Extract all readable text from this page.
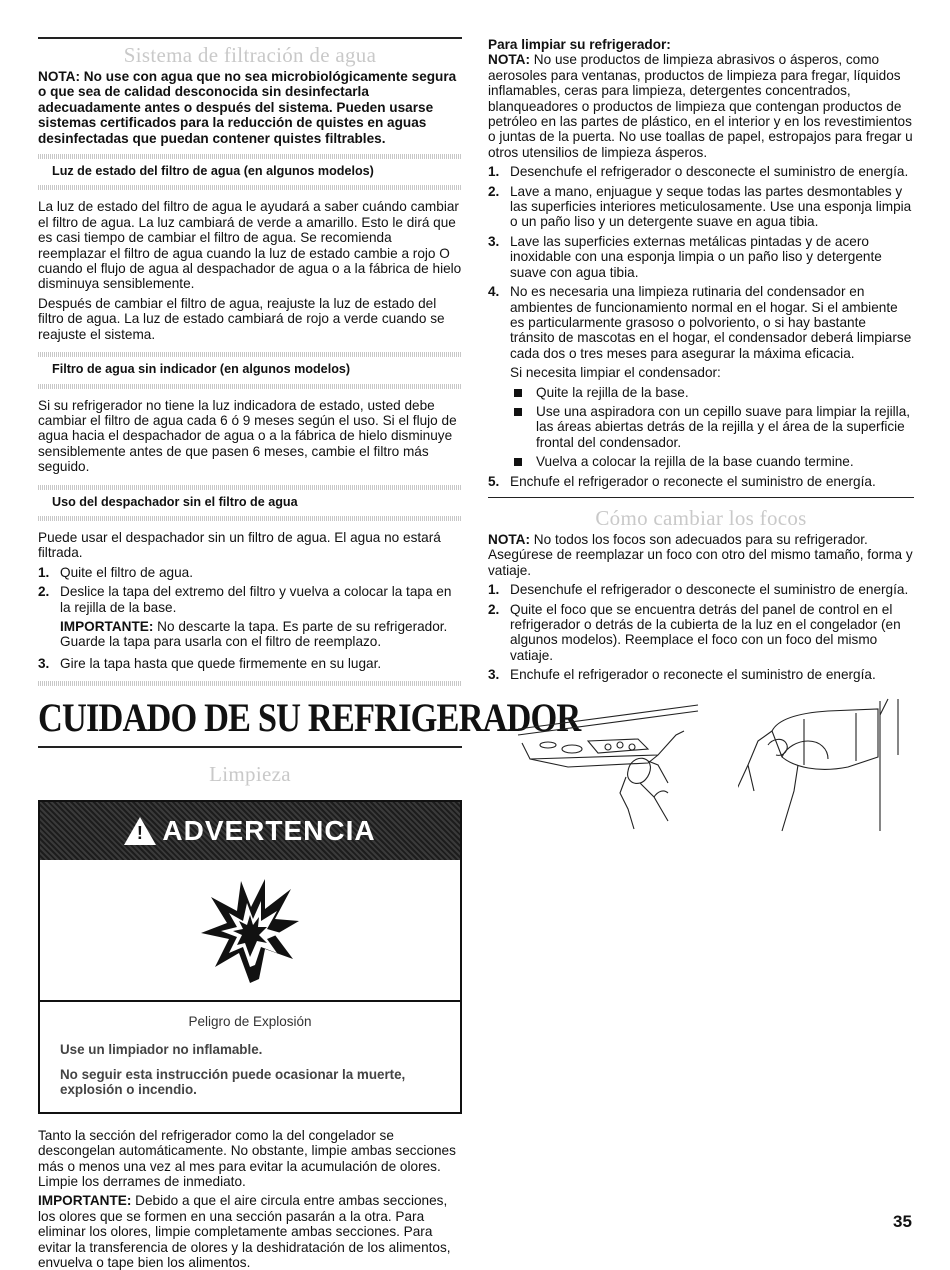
Sistema de filtración de agua

NOTA: No use con agua que no sea microbiológicamente segura o que sea de calidad desconocida sin desinfectarla adecuadamente antes o después del sistema. Pueden usarse sistemas certificados para la reducción de quistes en aguas desinfectadas que puedan contener quistes filtrables.

Luz de estado del filtro de agua (en algunos modelos)

La luz de estado del filtro de agua le ayudará a saber cuándo cambiar el filtro de agua. La luz cambiará de verde a amarillo. Esto le dirá que es casi tiempo de cambiar el filtro de agua. Se recomienda reemplazar el filtro de agua cuando la luz de estado cambie a rojo O cuando el flujo de agua al despachador de agua o a la fábrica de hielo disminuya sensiblemente.

Después de cambiar el filtro de agua, reajuste la luz de estado del filtro de agua. La luz de estado cambiará de rojo a verde cuando se reajuste el sistema.

Filtro de agua sin indicador (en algunos modelos)

Si su refrigerador no tiene la luz indicadora de estado, usted debe cambiar el filtro de agua cada 6 ó 9 meses según el uso. Si el flujo de agua hacia el despachador de agua o a la fábrica de hielo disminuye sensiblemente antes de que pasen 6 meses, cambie el filtro más seguido.

Uso del despachador sin el filtro de agua

Puede usar el despachador sin un filtro de agua. El agua no estará filtrada.

1. Quite el filtro de agua.
2. Deslice la tapa del extremo del filtro y vuelva a colocar la tapa en la rejilla de la base.

IMPORTANTE: No descarte la tapa. Es parte de su refrigerador. Guarde la tapa para usarla con el filtro de reemplazo.

3. Gire la tapa hasta que quede firmemente en su lugar.
CUIDADO DE SU REFRIGERADOR
Limpieza
! ADVERTENCIA

Peligro de Explosión

Use un limpiador no inflamable.

No seguir esta instrucción puede ocasionar la muerte, explosión o incendio.

Tanto la sección del refrigerador como la del congelador se descongelan automáticamente. No obstante, limpie ambas secciones más o menos una vez al mes para evitar la acumulación de olores. Limpie los derrames de inmediato.

IMPORTANTE: Debido a que el aire circula entre ambas secciones, los olores que se formen en una sección pasarán a la otra. Para eliminar los olores, limpie completamente ambas secciones. Para evitar la transferencia de olores y la deshidratación de los alimentos, envuelva o tape bien los alimentos.

Para limpiar su refrigerador:

NOTA: No use productos de limpieza abrasivos o ásperos, como aerosoles para ventanas, productos de limpieza para fregar, líquidos inflamables, ceras para limpieza, detergentes concentrados, blanqueadores o productos de limpieza que contengan productos de petróleo en las partes de plástico, en el interior y en los revestimientos o juntas de la puerta. No use toallas de papel, estropajos para fregar u otros utensilios de limpieza ásperos.

1. Desenchufe el refrigerador o desconecte el suministro de energía.
2. Lave a mano, enjuague y seque todas las partes desmontables y las superficies interiores meticulosamente. Use una esponja limpia o un paño liso y un detergente suave en agua tibia.
3. Lave las superficies externas metálicas pintadas y de acero inoxidable con una esponja limpia o un paño liso y detergente suave con agua tibia.
4. No es necesaria una limpieza rutinaria del condensador en ambientes de funcionamiento normal en el hogar. Si el ambiente es particularmente grasoso o polvoriento, o si hay bastante tránsito de mascotas en el hogar, el condensador deberá limpiarse cada dos o tres meses para asegurar la máxima eficacia.

Si necesita limpiar el condensador:

Quite la rejilla de la base.
Use una aspiradora con un cepillo suave para limpiar la rejilla, las áreas abiertas detrás de la rejilla y el área de la superficie frontal del condensador.
Vuelva a colocar la rejilla de la base cuando termine.
5. Enchufe el refrigerador o reconecte el suministro de energía.
Cómo cambiar los focos

NOTA: No todos los focos son adecuados para su refrigerador. Asegúrese de reemplazar un foco con otro del mismo tamaño, forma y vatiaje.

1. Desenchufe el refrigerador o desconecte el suministro de energía.
2. Quite el foco que se encuentra detrás del panel de control en el refrigerador o detrás de la cubierta de la luz en el congelador (en algunos modelos). Reemplace el foco con un foco del mismo vatiaje.
3. Enchufe el refrigerador o reconecte el suministro de energía.
35
